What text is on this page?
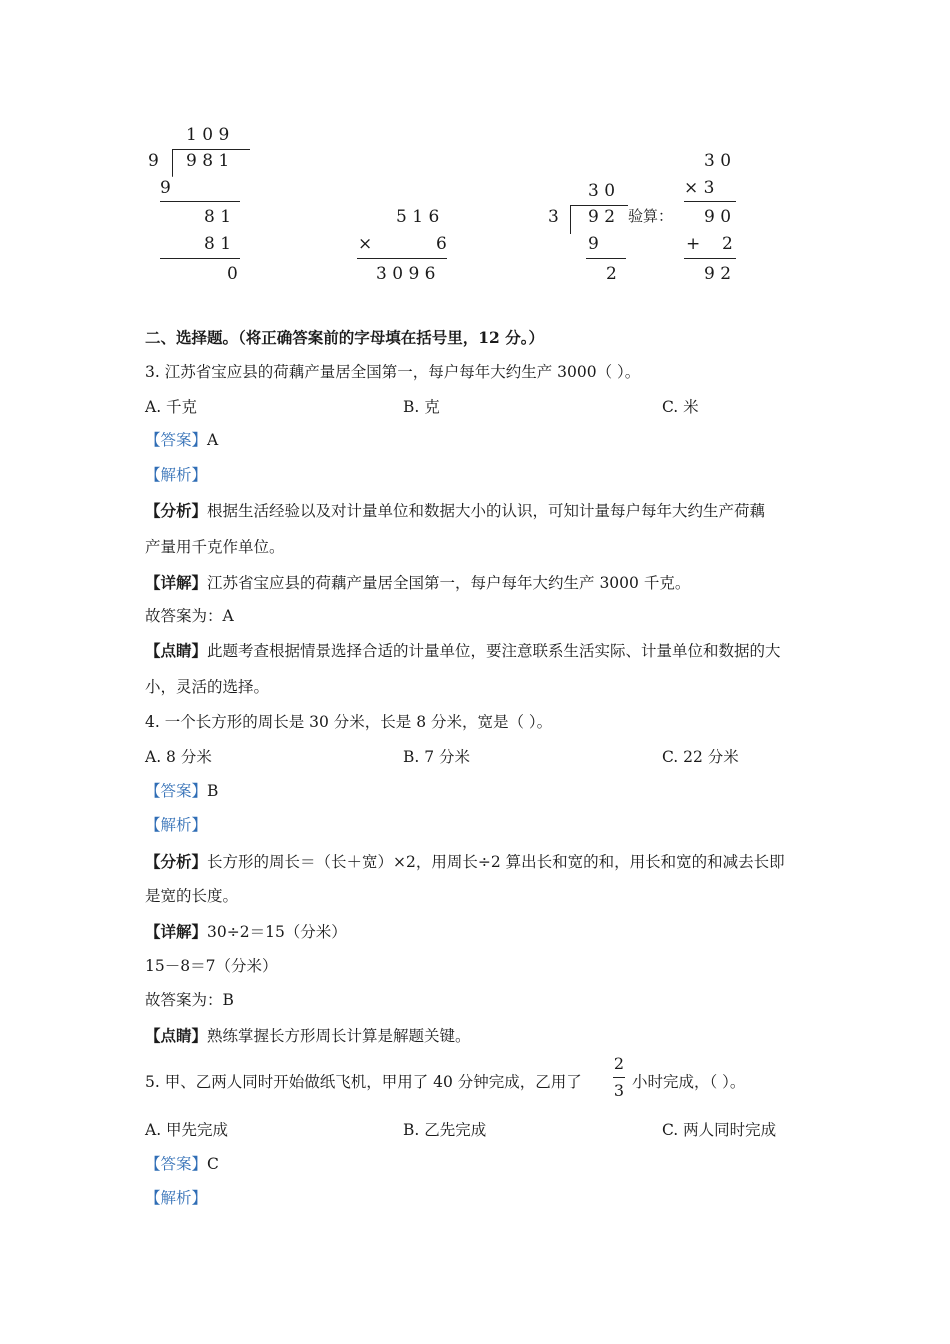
1 0 9
9 9 8 1
9
8 1
8 1
0
5 1 6
×	6
3 0 9 6
3 0
3 9 2 验算：
9
2
3 0
× 3
9 0
+ 2
9 2
二、选择题。（将正确答案前的字母填在括号里，12 分。）
3. 江苏省宝应县的荷藕产量居全国第一，每户每年大约生产 3000（ ）。
A. 千克	B. 克	C. 米
【答案】A
【解析】
【分析】根据生活经验以及对计量单位和数据大小的认识，可知计量每户每年大约生产荷藕
产量用千克作单位。
【详解】江苏省宝应县的荷藕产量居全国第一，每户每年大约生产 3000 千克。
故答案为：A
【点睛】此题考查根据情景选择合适的计量单位，要注意联系生活实际、计量单位和数据的大
小，灵活的选择。
4. 一个长方形的周长是 30 分米，长是 8 分米，宽是（ ）。
A. 8 分米	B. 7 分米	C. 22 分米
【答案】B
【解析】
【分析】长方形的周长＝（长＋宽）×2，用周长÷2 算出长和宽的和，用长和宽的和减去长即
是宽的长度。
【详解】30÷2＝15（分米）
15－8＝7（分米）
故答案为：B
【点睛】熟练掌握长方形周长计算是解题关键。
5. 甲、乙两人同时开始做纸飞机，甲用了 40 分钟完成，乙用了
2
3 小时完成，（ ）。
A. 甲先完成	B. 乙先完成	C. 两人同时完成
【答案】C
【解析】
